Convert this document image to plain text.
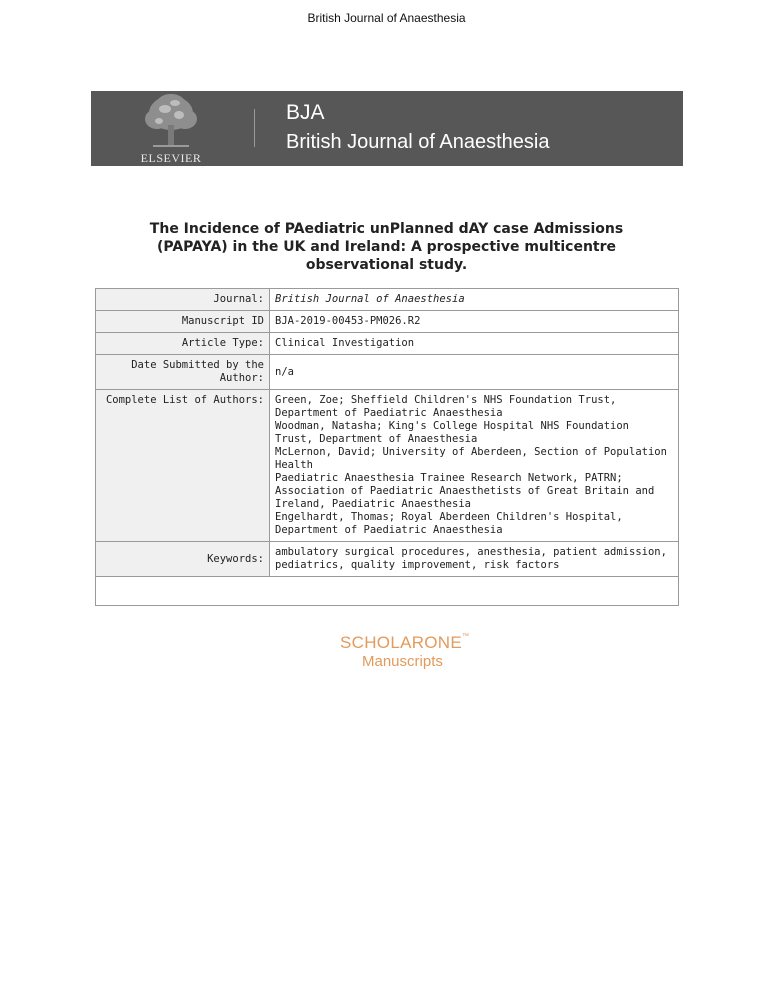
British Journal of Anaesthesia
ELSEVIER
BJA
British Journal of Anaesthesia
The Incidence of PAediatric unPlanned dAY case Admissions (PAPAYA) in the UK and Ireland: A prospective multicentre observational study.
Journal:	British Journal of Anaesthesia
Manuscript ID	BJA-2019-00453-PM026.R2
Article Type:	Clinical Investigation
Date Submitted by the Author:	n/a
Complete List of Authors:	Green, Zoe; Sheffield Children's NHS Foundation Trust, Department of Paediatric Anaesthesia
Woodman, Natasha; King's College Hospital NHS Foundation Trust, Department of Anaesthesia
McLernon, David; University of Aberdeen, Section of Population Health
Paediatric Anaesthesia Trainee Research Network, PATRN; Association of Paediatric Anaesthetists of Great Britain and Ireland, Paediatric Anaesthesia
Engelhardt, Thomas; Royal Aberdeen Children's Hospital, Department of Paediatric Anaesthesia

Keywords:	ambulatory surgical procedures, anesthesia, patient admission, pediatrics, quality improvement, risk factors

SCHOLARONE™
Manuscripts
